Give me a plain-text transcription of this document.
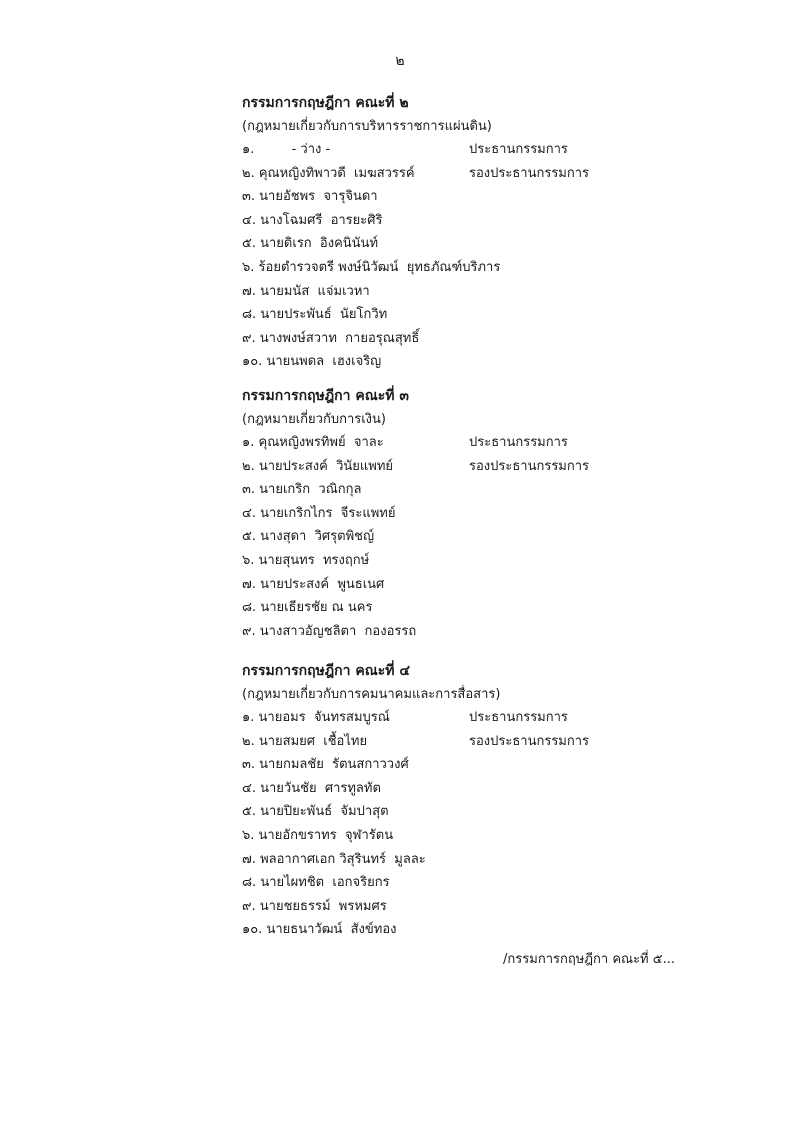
๒
กรรมการกฤษฎีกา คณะที่ ๒
(กฎหมายเกี่ยวกับการบริหารราชการแผ่นดิน)
๑.         - ว่าง -	ประธานกรรมการ
๒. คุณหญิงทิพาวดี  เมฆสวรรค์	รองประธานกรรมการ
๓. นายอัชพร  จารุจินดา
๔. นางโฉมศรี  อารยะศิริ
๕. นายดิเรก  อิงคนินันท์
๖. ร้อยตำรวจตรี พงษ์นิวัฒน์  ยุทธภัณฑ์บริภาร
๗. นายมนัส  แจ่มเวหา
๘. นายประพันธ์  นัยโกวิท
๙. นางพงษ์สวาท  กายอรุณสุทธิ์
๑๐. นายนพดล  เฮงเจริญ
กรรมการกฤษฎีกา คณะที่ ๓
(กฎหมายเกี่ยวกับการเงิน)
๑. คุณหญิงพรทิพย์  จาละ	ประธานกรรมการ
๒. นายประสงค์  วินัยแพทย์	รองประธานกรรมการ
๓. นายเกริก  วณิกกุล
๔. นายเกริกไกร  จีระแพทย์
๕. นางสุดา  วิศรุตพิชญ์
๖. นายสุนทร  ทรงฤกษ์
๗. นายประสงค์  พูนธเนศ
๘. นายเธียรชัย ณ นคร
๙. นางสาวอัญชลิตา  กองอรรถ
กรรมการกฤษฎีกา คณะที่ ๔
(กฎหมายเกี่ยวกับการคมนาคมและการสื่อสาร)
๑. นายอมร  จันทรสมบูรณ์	ประธานกรรมการ
๒. นายสมยศ  เชื้อไทย	รองประธานกรรมการ
๓. นายกมลชัย  รัตนสกาววงศ์
๔. นายวันชัย  ศารทูลทัต
๕. นายปิยะพันธ์  จัมปาสุต
๖. นายอักขราทร  จุฬารัตน
๗. พลอากาศเอก วิสุรินทร์  มูลละ
๘. นายไผทชิต  เอกจริยกร
๙. นายชยธรรม์  พรหมศร
๑๐. นายธนาวัฒน์  สังข์ทอง
/กรรมการกฤษฎีกา คณะที่ ๕...
